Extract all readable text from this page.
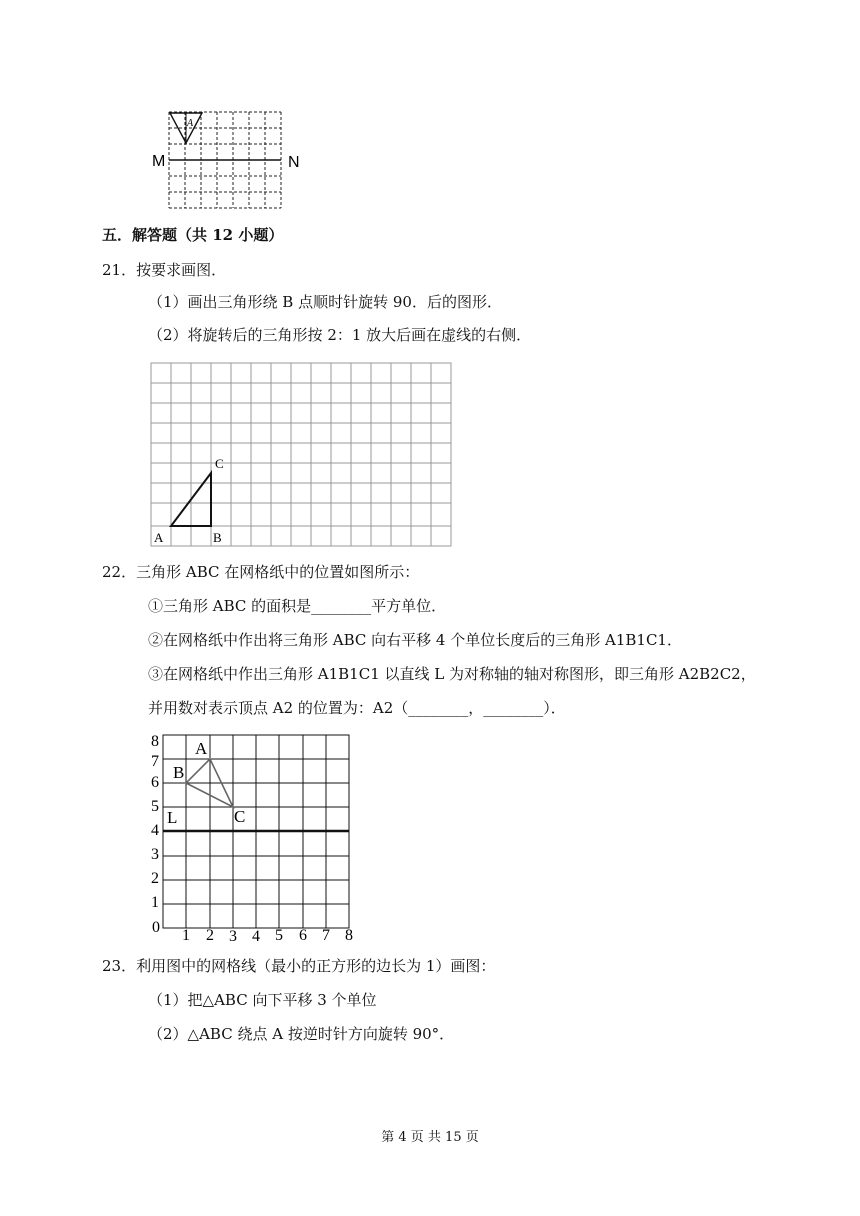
A
M	N
五．解答题（共 12 小题）
21．按要求画图．
（1）画出三角形绕 B 点顺时针旋转 90．后的图形．
（2）将旋转后的三角形按 2：1 放大后画在虚线的右侧．
A	B
C
22．三角形 ABC 在网格纸中的位置如图所示：
①三角形 ABC 的面积是________平方单位．
②在网格纸中作出将三角形 ABC 向右平移 4 个单位长度后的三角形 A1B1C1．
③在网格纸中作出三角形 A1B1C1 以直线 L 为对称轴的轴对称图形，即三角形 A2B2C2，
并用数对表示顶点 A2 的位置为：A2（________，________）．
A
B
C
L
8
7
6
5
4
3
2
1
0 1 2 3 4 5 6 7 8
23．利用图中的网格线（最小的正方形的边长为 1）画图：
（1）把△ABC 向下平移 3 个单位
（2）△ABC 绕点 A 按逆时针方向旋转 90°．
第 4 页 共 15 页
